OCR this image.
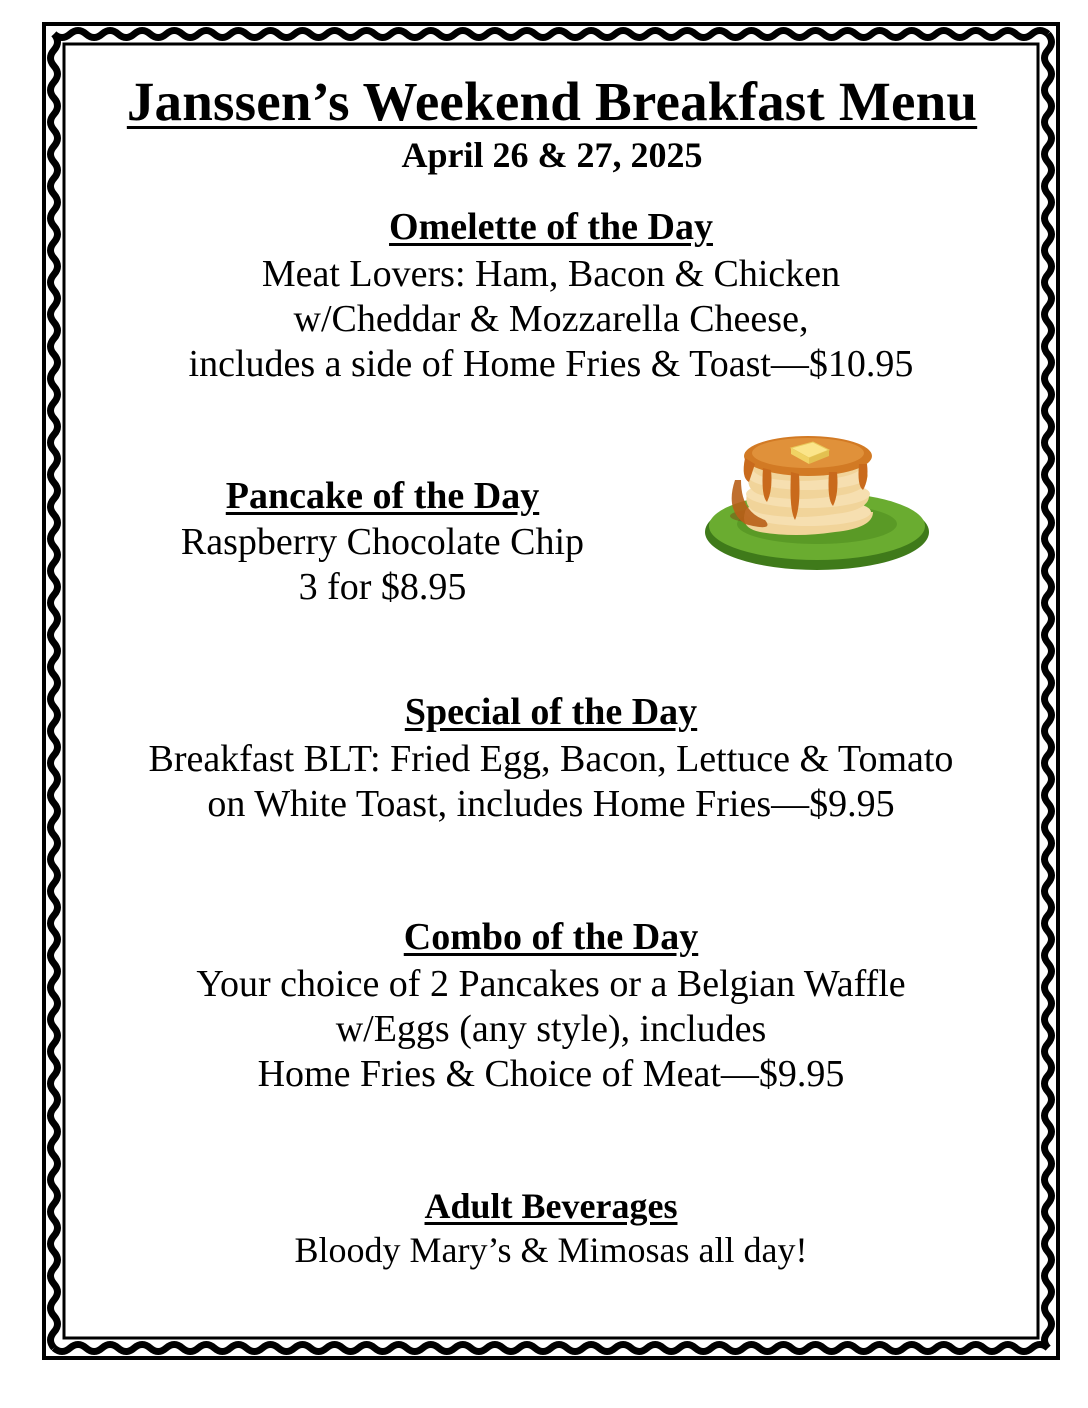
Janssen’s Weekend Breakfast Menu
April 26 & 27, 2025
Omelette of the Day
Meat Lovers: Ham, Bacon & Chicken
w/Cheddar & Mozzarella Cheese,
includes a side of Home Fries & Toast—$10.95
Pancake of the Day
Raspberry Chocolate Chip
3 for $8.95
Special of the Day
Breakfast BLT: Fried Egg, Bacon, Lettuce & Tomato
on White Toast, includes Home Fries—$9.95
Combo of the Day
Your choice of 2 Pancakes or a Belgian Waffle
w/Eggs (any style), includes
Home Fries & Choice of Meat—$9.95
Adult Beverages
Bloody Mary’s & Mimosas all day!
